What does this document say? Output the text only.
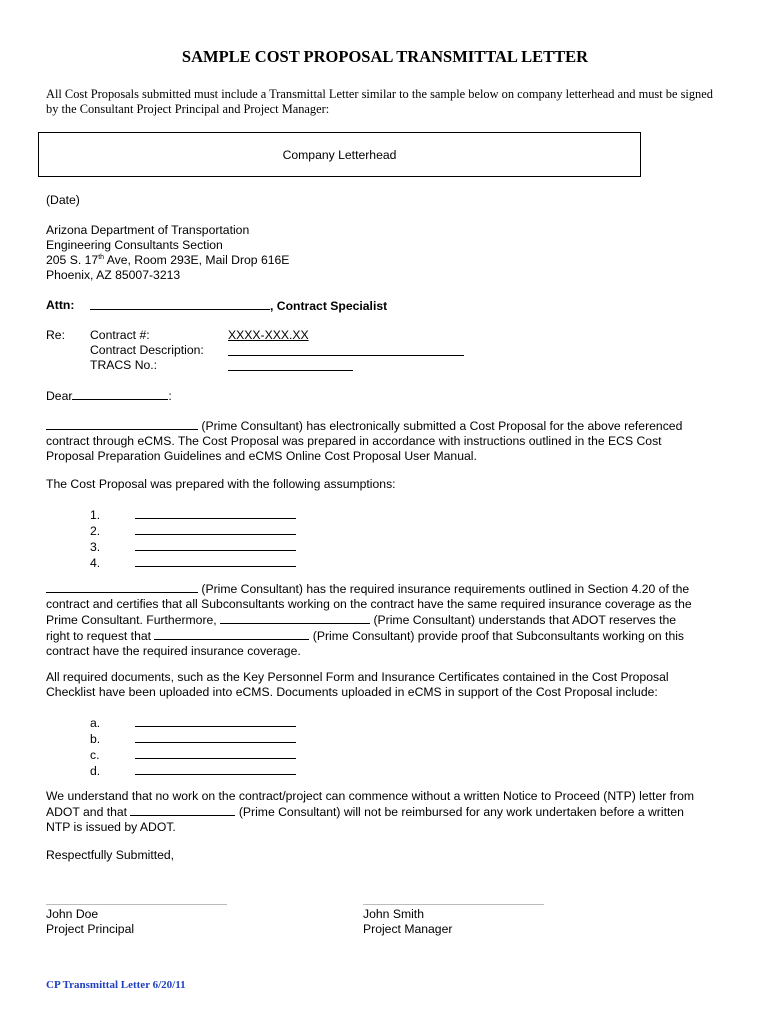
SAMPLE COST PROPOSAL TRANSMITTAL LETTER
All Cost Proposals submitted must include a Transmittal Letter similar to the sample below on company letterhead and must be signed by the Consultant Project Principal and Project Manager:
Company Letterhead
(Date)
Arizona Department of Transportation
Engineering Consultants Section
205 S. 17th Ave, Room 293E, Mail Drop 616E
Phoenix, AZ 85007-3213
Attn:	, Contract Specialist
Re: Contract #:	XXXX-XXX.XX
Contract Description:
TRACS No.:
Dear	:
(Prime Consultant) has electronically submitted a Cost Proposal for the above referenced
contract through eCMS. The Cost Proposal was prepared in accordance with instructions outlined in the ECS Cost
Proposal Preparation Guidelines and eCMS Online Cost Proposal User Manual.
The Cost Proposal was prepared with the following assumptions:
1.
2.
3.
4.
(Prime Consultant) has the required insurance requirements outlined in Section 4.20 of the
contract and certifies that all Subconsultants working on the contract have the same required insurance coverage as the
Prime Consultant. Furthermore,	(Prime Consultant) understands that ADOT reserves the
right to request that	(Prime Consultant) provide proof that Subconsultants working on this
contract have the required insurance coverage.
All required documents, such as the Key Personnel Form and Insurance Certificates contained in the Cost Proposal
Checklist have been uploaded into eCMS. Documents uploaded in eCMS in support of the Cost Proposal include:
a.
b.
c.
d.
We understand that no work on the contract/project can commence without a written Notice to Proceed (NTP) letter from
ADOT and that	(Prime Consultant) will not be reimbursed for any work undertaken before a written
NTP is issued by ADOT.
Respectfully Submitted,
John Doe
Project Principal
John Smith
Project Manager
CP Transmittal Letter 6/20/11
